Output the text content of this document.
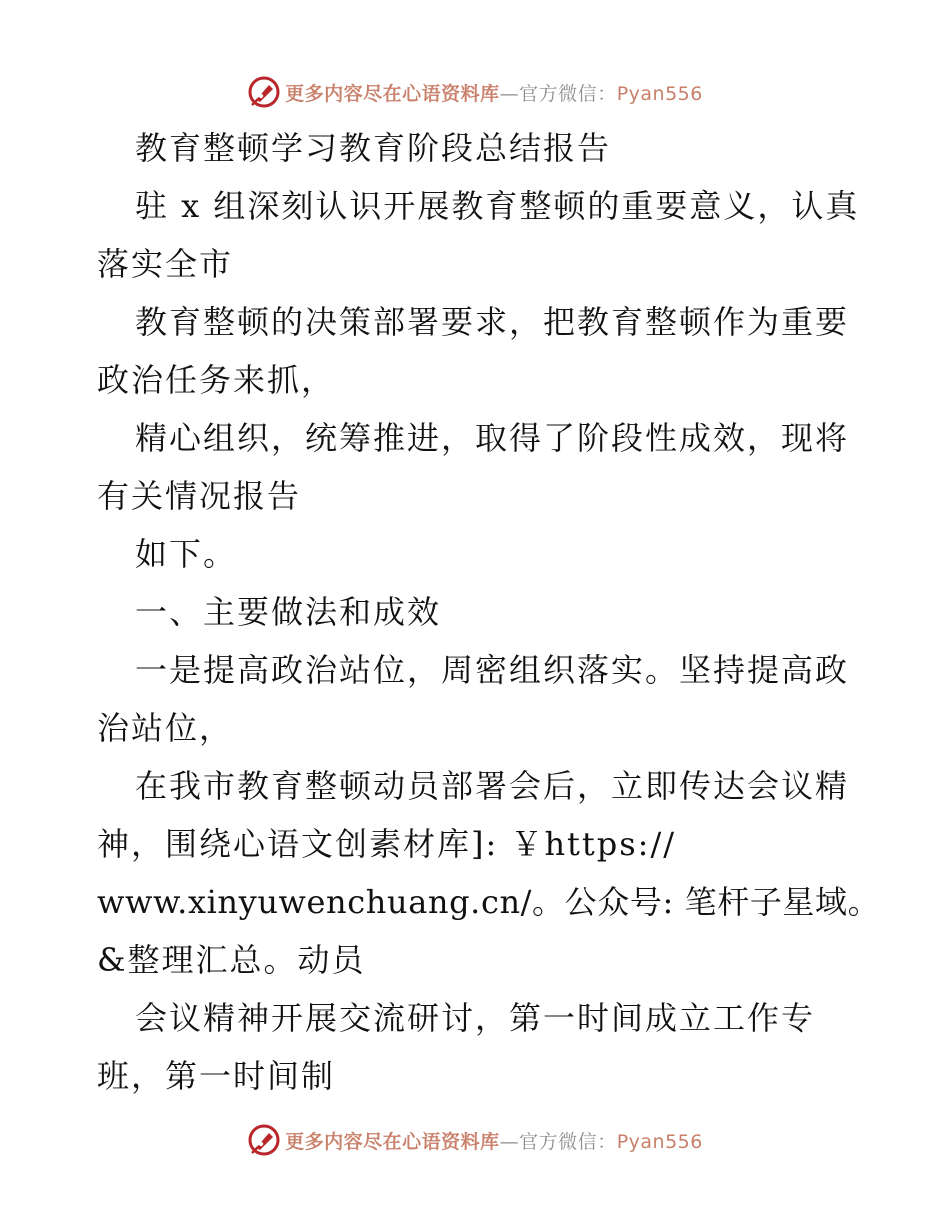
更多内容尽在心语资料库—官方微信：Pyan556
教育整顿学习教育阶段总结报告
驻 x 组深刻认识开展教育整顿的重要意义，认真
落实全市
教育整顿的决策部署要求，把教育整顿作为重要
政治任务来抓，
精心组织，统筹推进，取得了阶段性成效，现将
有关情况报告
如下。
一、主要做法和成效
一是提高政治站位，周密组织落实。坚持提高政
治站位，
在我市教育整顿动员部署会后，立即传达会议精
神，围绕心语文创素材库]: ￥https://
www.xinyuwenchuang.cn/。公众号: 笔杆子星域。
&整理汇总。动员
会议精神开展交流研讨，第一时间成立工作专
班，第一时间制
更多内容尽在心语资料库—官方微信：Pyan556
